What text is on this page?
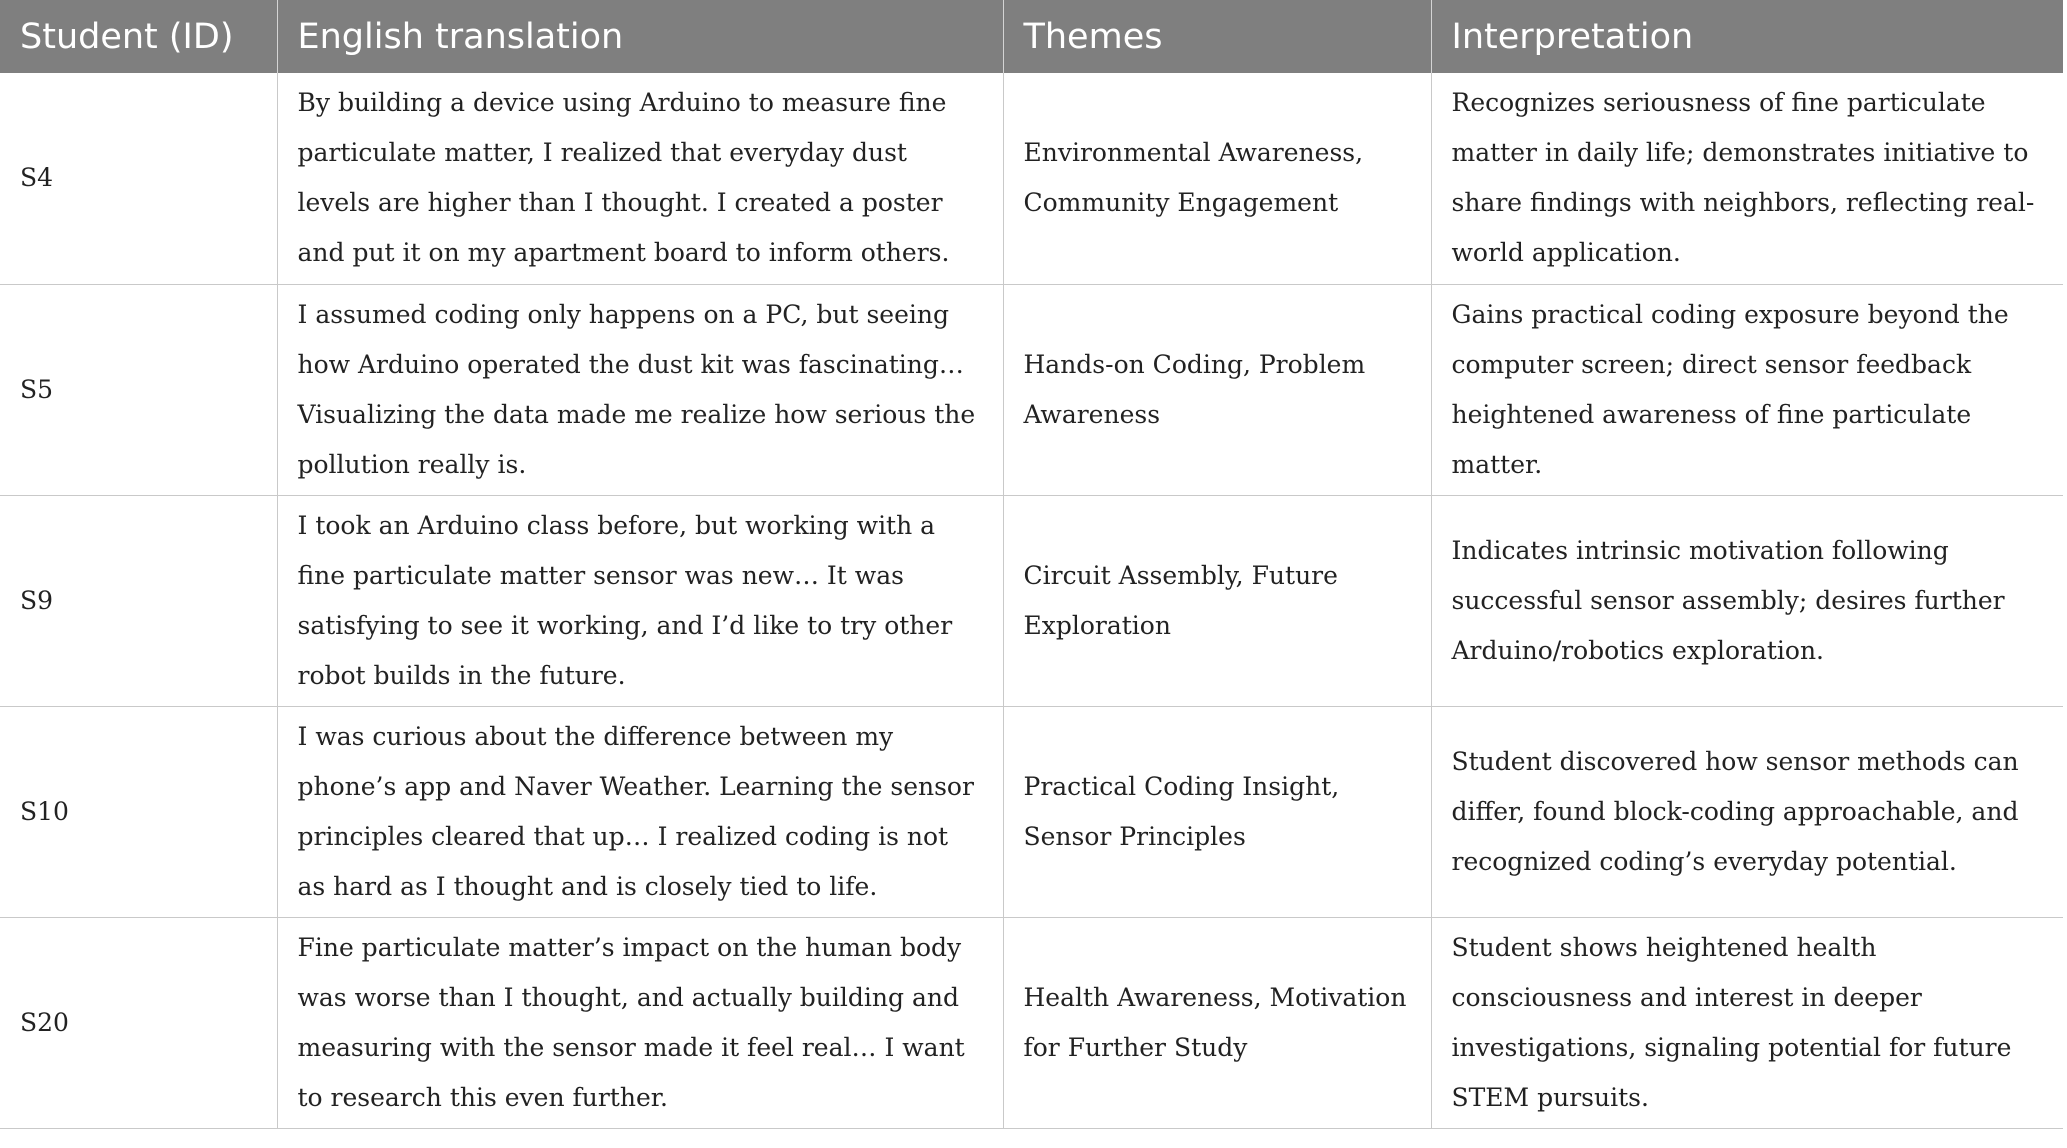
Student (ID)	English translation	Themes	Interpretation
S4	By building a device using Arduino to measure fine particulate matter, I realized that everyday dust levels are higher than I thought. I created a poster and put it on my apartment board to inform others.	Environmental Awareness, Community Engagement	Recognizes seriousness of fine particulate matter in daily life; demonstrates initiative to share findings with neighbors, reflecting real-world application.
S5	I assumed coding only happens on a PC, but seeing how Arduino operated the dust kit was fascinating… Visualizing the data made me realize how serious the pollution really is.	Hands-on Coding, Problem Awareness	Gains practical coding exposure beyond the computer screen; direct sensor feedback heightened awareness of fine particulate matter.
S9	I took an Arduino class before, but working with a fine particulate matter sensor was new… It was satisfying to see it working, and I’d like to try other robot builds in the future.	Circuit Assembly, Future Exploration	Indicates intrinsic motivation following successful sensor assembly; desires further Arduino/robotics exploration.
S10	I was curious about the difference between my phone’s app and Naver Weather. Learning the sensor principles cleared that up… I realized coding is not as hard as I thought and is closely tied to life.	Practical Coding Insight, Sensor Principles	Student discovered how sensor methods can differ, found block-coding approachable, and recognized coding’s everyday potential.
S20	Fine particulate matter’s impact on the human body was worse than I thought, and actually building and measuring with the sensor made it feel real… I want to research this even further.	Health Awareness, Motivation for Further Study	Student shows heightened health consciousness and interest in deeper investigations, signaling potential for future STEM pursuits.
